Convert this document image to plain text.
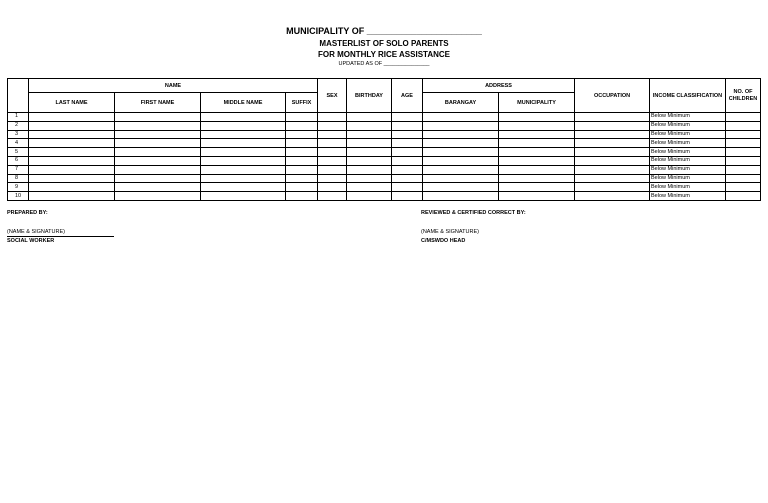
MUNICIPALITY OF _______________________
MASTERLIST OF SOLO PARENTS
FOR MONTHLY RICE ASSISTANCE
UPDATED AS OF _______________
	NAME				SEX	BIRTHDAY	AGE	ADDRESS		OCCUPATION	INCOME CLASSIFICATION	NO. OF CHILDREN
	LAST NAME	FIRST NAME	MIDDLE NAME	SUFFIX				BARANGAY	MUNICIPALITY			
1											Below Minimum	
2											Below Minimum	
3											Below Minimum	
4											Below Minimum	
5											Below Minimum	
6											Below Minimum	
7											Below Minimum	
8											Below Minimum	
9											Below Minimum	
10											Below Minimum	
PREPARED BY:
(NAME & SIGNATURE)
SOCIAL WORKER
REVIEWED & CERTIFIED CORRECT BY:
(NAME & SIGNATURE)
C/MSWDO HEAD
